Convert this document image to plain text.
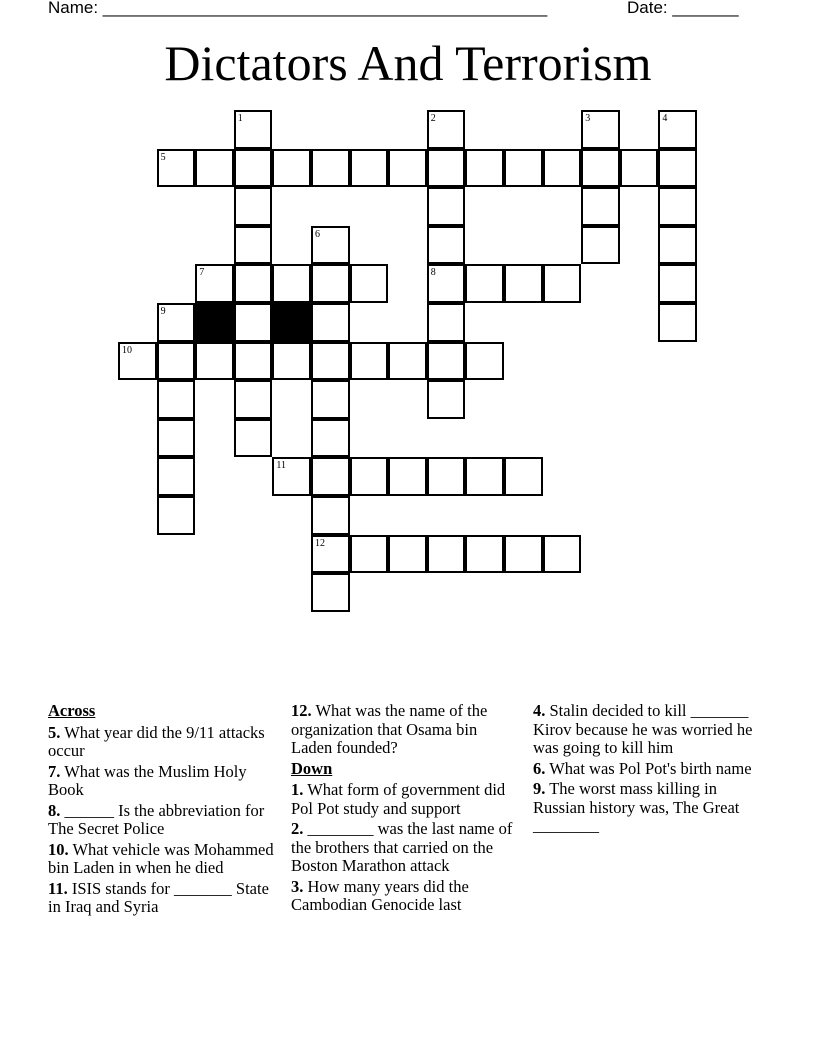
Name: _______________________________________________	Date: _______
Dictators And Terrorism
1	2	3	4
5
6
7	8
9
10
11
12
Across
5. What year did the 9/11 attacks occur
7. What was the Muslim Holy Book
8. ______ Is the abbreviation for The Secret Police
10. What vehicle was Mohammed bin Laden in when he died
11. ISIS stands for _______ State in Iraq and Syria
12. What was the name of the organization that Osama bin Laden founded?
Down
1. What form of government did Pol Pot study and support
2. ________ was the last name of the brothers that carried on the Boston Marathon attack
3. How many years did the Cambodian Genocide last
4. Stalin decided to kill _______ Kirov because he was worried he was going to kill him
6. What was Pol Pot's birth name
9. The worst mass killing in Russian history was, The Great ________
